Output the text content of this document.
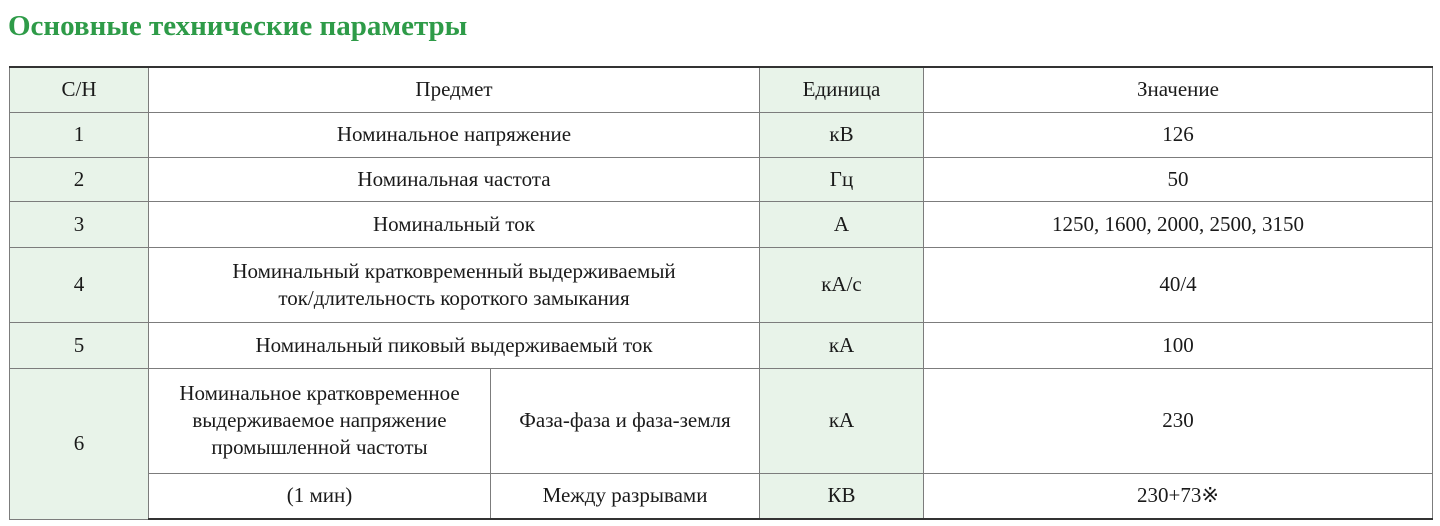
Основные технические параметры
С/Н	Предмет		Единица	Значение
1	Номинальное напряжение		кВ	126
2	Номинальная частота		Гц	50
3	Номинальный ток		А	1250, 1600, 2000, 2500, 3150
4	Номинальный кратковременный выдерживаемый
ток/длительность короткого замыкания		кА/с	40/4
5	Номинальный пиковый выдерживаемый ток		кА	100
6	Номинальное кратковременное
выдерживаемое напряжение
промышленной частоты	Фаза-фаза и фаза-земля	кА	230
	(1 мин)	Между разрывами	КВ	230+73※
